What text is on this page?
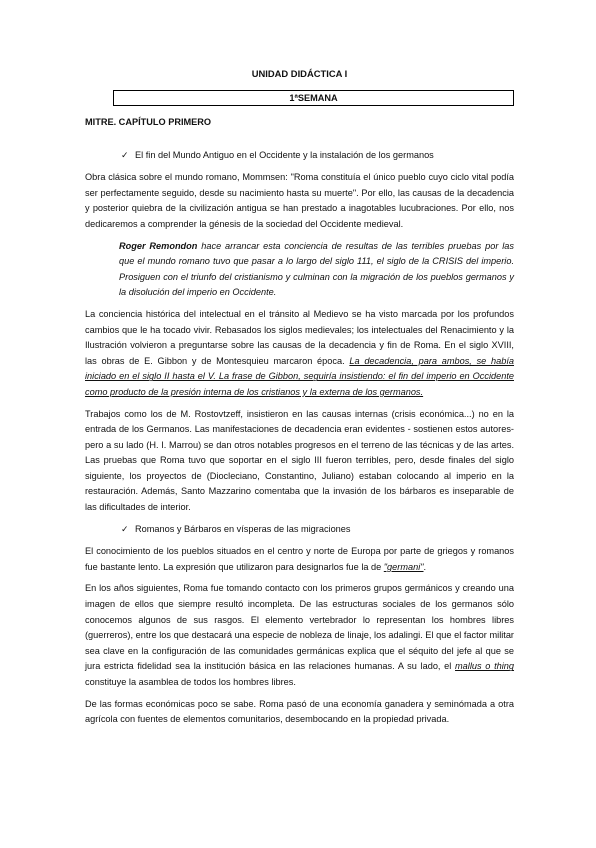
UNIDAD DIDÁCTICA I
1ªSEMANA
MITRE. CAPÍTULO PRIMERO
✓ El fin del Mundo Antiguo en el Occidente y la instalación de los germanos

Obra clásica sobre el mundo romano, Mommsen: "Roma constituía el único pueblo cuyo ciclo vital podía ser perfectamente seguido, desde su nacimiento hasta su muerte". Por ello, las causas de la decadencia y posterior quiebra de la civilización antigua se han prestado a inagotables lucubraciones. Por ello, nos dedicaremos a comprender la génesis de la sociedad del Occidente medieval.

Roger Remondon hace arrancar esta conciencia de resultas de las terribles pruebas por las que el mundo romano tuvo que pasar a lo largo del siglo 111, el siglo de la CRISIS del imperio. Prosiguen con el triunfo del cristianismo y culminan con la migración de los pueblos germanos y la disolución del imperio en Occidente.

La conciencia histórica del intelectual en el tránsito al Medievo se ha visto marcada por los profundos cambios que le ha tocado vivir. Rebasados los siglos medievales; los intelectuales del Renacimiento y la Ilustración volvieron a preguntarse sobre las causas de la decadencia y fin de Roma. En el siglo XVIII, las obras de E. Gibbon y de Montesquieu marcaron época. La decadencia, para ambos, se había iniciado en el siglo II hasta el V. La frase de Gibbon, seguiría insistiendo: el fin del imperio en Occidente como producto de la presión interna de los cristianos y la externa de los germanos.

Trabajos como los de M. Rostovtzeff, insistieron en las causas internas (crisis económica...) no en la entrada de los Germanos. Las manifestaciones de decadencia eran evidentes - sostienen estos autores- pero a su lado (H. I. Marrou) se dan otros notables progresos en el terreno de las técnicas y de las artes. Las pruebas que Roma tuvo que soportar en el siglo III fueron terribles, pero, desde finales del siglo siguiente, los proyectos de (Diocleciano, Constantino, Juliano) estaban colocando al imperio en la restauración. Además, Santo Mazzarino comentaba que la invasión de los bárbaros es inseparable de las dificultades de interior.

✓ Romanos y Bárbaros en vísperas de las migraciones

El conocimiento de los pueblos situados en el centro y norte de Europa por parte de griegos y romanos fue bastante lento. La expresión que utilizaron para designarlos fue la de "germani".

En los años siguientes, Roma fue tomando contacto con los primeros grupos germánicos y creando una imagen de ellos que siempre resultó incompleta. De las estructuras sociales de los germanos sólo conocemos algunos de sus rasgos. El elemento vertebrador lo representan los hombres libres (guerreros), entre los que destacará una especie de nobleza de linaje, los adalingi. El que el factor militar sea clave en la configuración de las comunidades germánicas explica que el séquito del jefe al que se jura estricta fidelidad sea la institución básica en las relaciones humanas. A su lado, el mallus o thing constituye la asamblea de todos los hombres libres.

De las formas económicas poco se sabe. Roma pasó de una economía ganadera y seminómada a otra agrícola con fuentes de elementos comunitarios, desembocando en la propiedad privada.
